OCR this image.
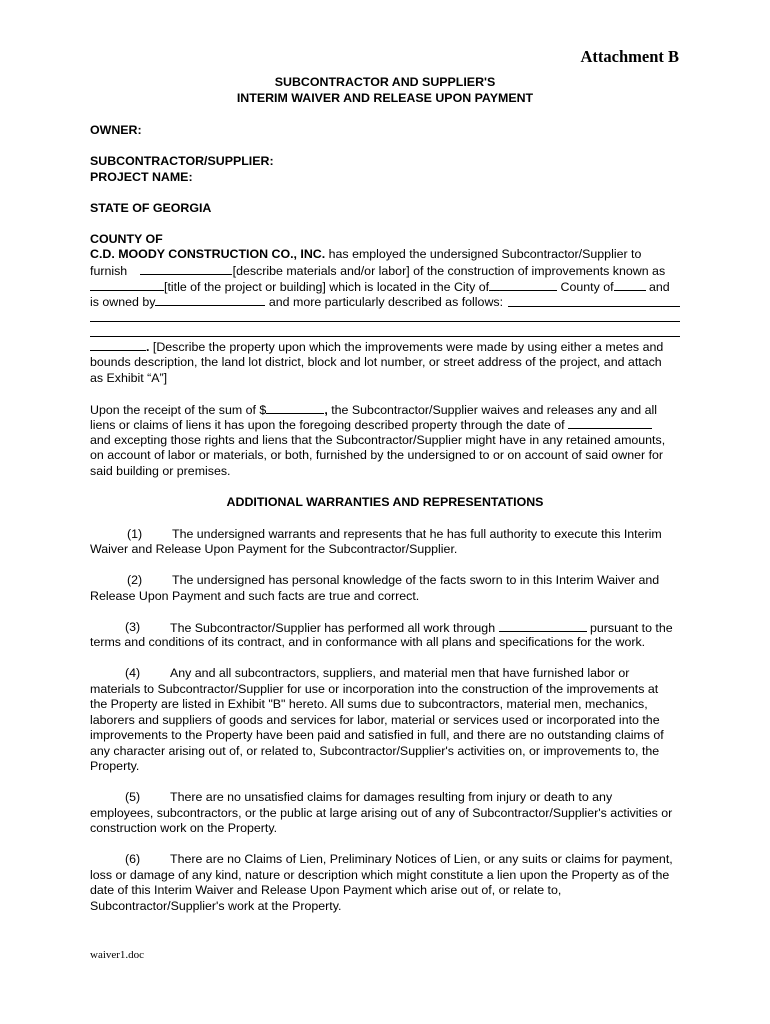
Attachment B
SUBCONTRACTOR AND SUPPLIER'S
INTERIM WAIVER AND RELEASE UPON PAYMENT
OWNER:
SUBCONTRACTOR/SUPPLIER:
PROJECT NAME:
STATE OF GEORGIA
COUNTY OF
C.D. MOODY CONSTRUCTION CO., INC. has employed the undersigned Subcontractor/Supplier to
furnish	[describe materials and/or labor] of the construction of improvements known as
[title of the project or building] which is located in the City of	County of	and
is owned by	and more particularly described as follows:
. [Describe the property upon which the improvements were made by using either a metes and
bounds description, the land lot district, block and lot number, or street address of the project, and attach
as Exhibit “A”]
Upon the receipt of the sum of $	, the Subcontractor/Supplier waives and releases any and all
liens or claims of liens it has upon the foregoing described property through the date of
and excepting those rights and liens that the Subcontractor/Supplier might have in any retained amounts,
on account of labor or materials, or both, furnished by the undersigned to or on account of said owner for
said building or premises.
ADDITIONAL WARRANTIES AND REPRESENTATIONS
(1) The undersigned warrants and represents that he has full authority to execute this Interim
Waiver and Release Upon Payment for the Subcontractor/Supplier.
(2) The undersigned has personal knowledge of the facts sworn to in this Interim Waiver and
Release Upon Payment and such facts are true and correct.
(3) The Subcontractor/Supplier has performed all work through	pursuant to the
terms and conditions of its contract, and in conformance with all plans and specifications for the work.
(4) Any and all subcontractors, suppliers, and material men that have furnished labor or
materials to Subcontractor/Supplier for use or incorporation into the construction of the improvements at
the Property are listed in Exhibit "B" hereto. All sums due to subcontractors, material men, mechanics,
laborers and suppliers of goods and services for labor, material or services used or incorporated into the
improvements to the Property have been paid and satisfied in full, and there are no outstanding claims of
any character arising out of, or related to, Subcontractor/Supplier's activities on, or improvements to, the
Property.
(5) There are no unsatisfied claims for damages resulting from injury or death to any
employees, subcontractors, or the public at large arising out of any of Subcontractor/Supplier's activities or
construction work on the Property.
(6) There are no Claims of Lien, Preliminary Notices of Lien, or any suits or claims for payment,
loss or damage of any kind, nature or description which might constitute a lien upon the Property as of the
date of this Interim Waiver and Release Upon Payment which arise out of, or relate to,
Subcontractor/Supplier's work at the Property.
waiver1.doc
